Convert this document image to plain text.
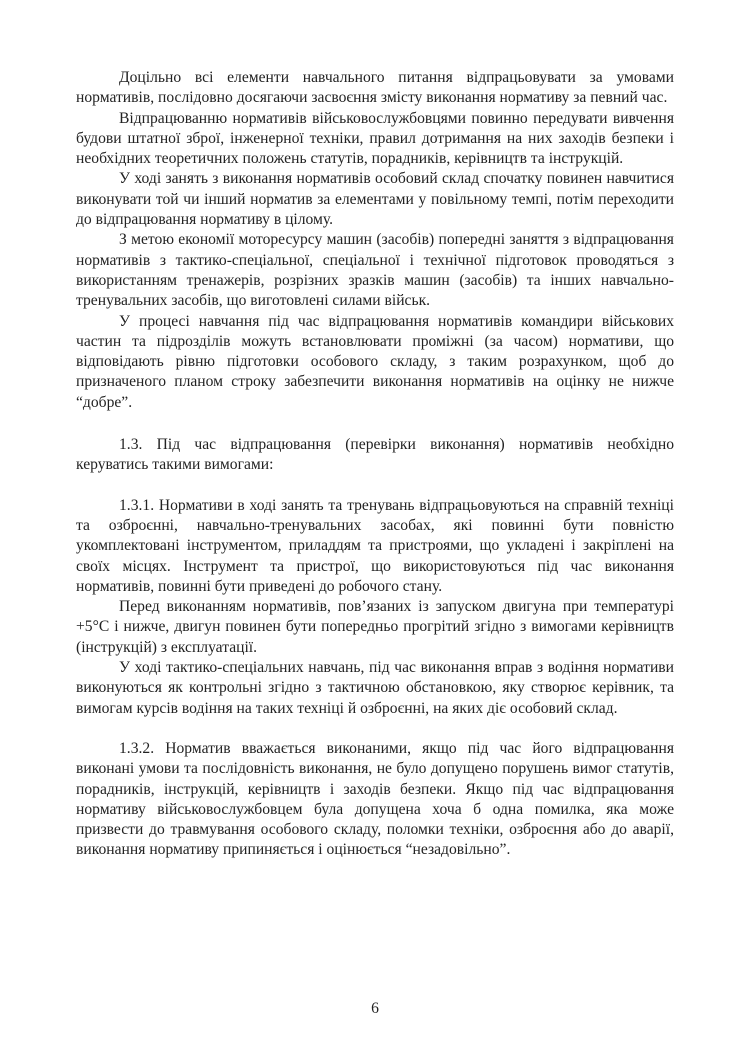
Доцільно всі елементи навчального питання відпрацьовувати за умовами нормативів, послідовно досягаючи засвоєння змісту виконання нормативу за певний час.

Відпрацюванню нормативів військовослужбовцями повинно передувати вивчення будови штатної зброї, інженерної техніки, правил дотримання на них заходів безпеки і необхідних теоретичних положень статутів, порадників, керівництв та інструкцій.

У ході занять з виконання нормативів особовий склад спочатку повинен навчитися виконувати той чи інший норматив за елементами у повільному темпі, потім переходити до відпрацювання нормативу в цілому.

З метою економії моторесурсу машин (засобів) попередні заняття з відпрацювання нормативів з тактико-спеціальної, спеціальної і технічної підготовок проводяться з використанням тренажерів, розрізних зразків машин (засобів) та інших навчально-тренувальних засобів, що виготовлені силами військ.

У процесі навчання під час відпрацювання нормативів командири військових частин та підрозділів можуть встановлювати проміжні (за часом) нормативи, що відповідають рівню підготовки особового складу, з таким розрахунком, щоб до призначеного планом строку забезпечити виконання нормативів на оцінку не нижче “добре”.

1.3. Під час відпрацювання (перевірки виконання) нормативів необхідно керуватись такими вимогами:

1.3.1. Нормативи в ході занять та тренувань відпрацьовуються на справній техніці та озброєнні, навчально-тренувальних засобах, які повинні бути повністю укомплектовані інструментом, приладдям та пристроями, що укладені і закріплені на своїх місцях. Інструмент та пристрої, що використовуються під час виконання нормативів, повинні бути приведені до робочого стану.

Перед виконанням нормативів, пов’язаних із запуском двигуна при температурі +5°С і нижче, двигун повинен бути попередньо прогрітий згідно з вимогами керівництв (інструкцій) з експлуатації.

У ході тактико-спеціальних навчань, під час виконання вправ з водіння нормативи виконуються як контрольні згідно з тактичною обстановкою, яку створює керівник, та вимогам курсів водіння на таких техніці й озброєнні, на яких діє особовий склад.

1.3.2. Норматив вважається виконаними, якщо під час його відпрацювання виконані умови та послідовність виконання, не було допущено порушень вимог статутів, порадників, інструкцій, керівництв і заходів безпеки. Якщо під час відпрацювання нормативу військовослужбовцем була допущена хоча б одна помилка, яка може призвести до травмування особового складу, поломки техніки, озброєння або до аварії, виконання нормативу припиняється і оцінюється “незадовільно”.

6
